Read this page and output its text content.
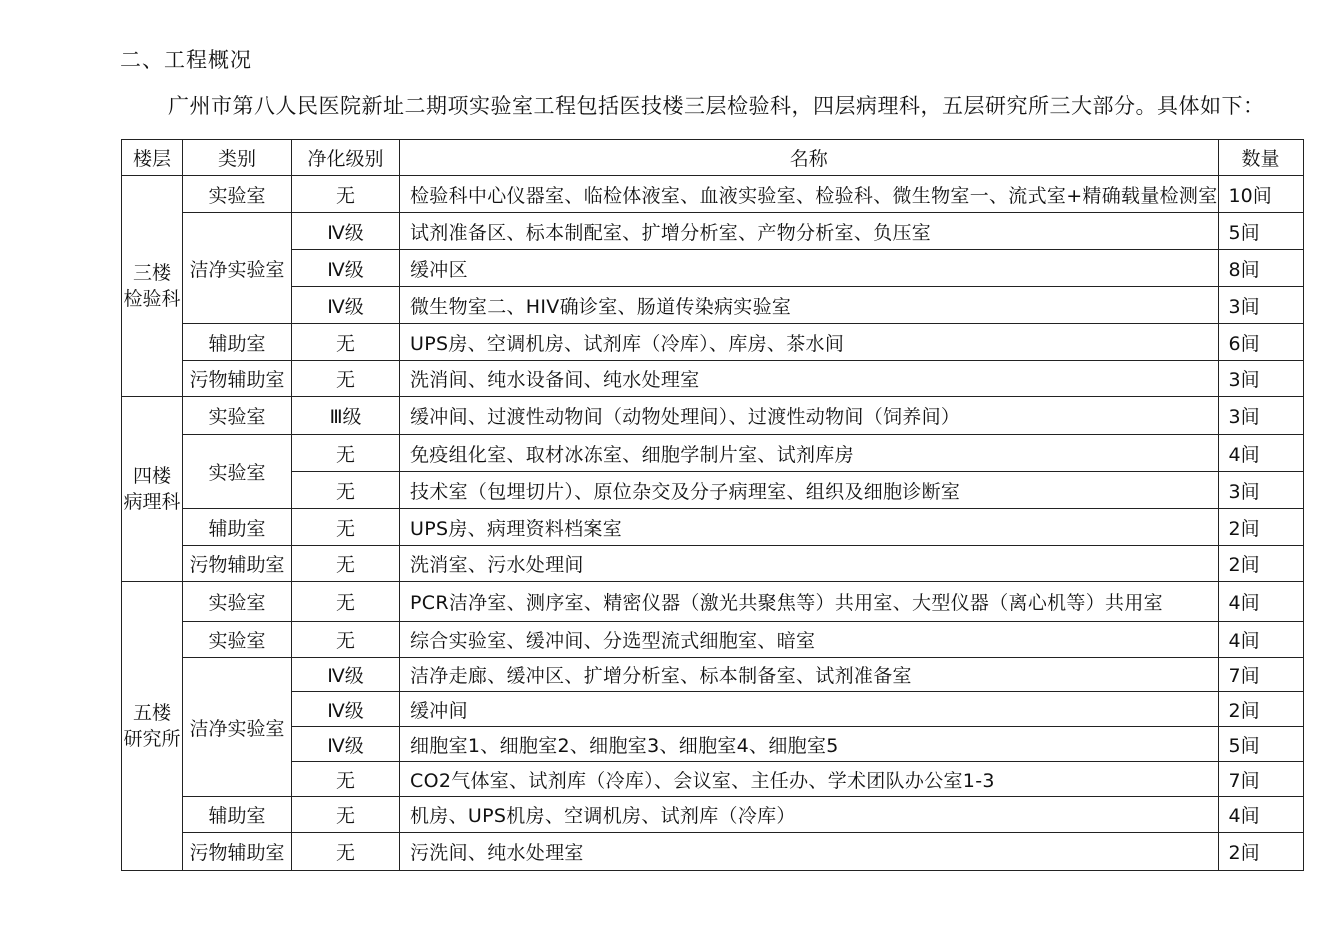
二、工程概况
广州市第八人民医院新址二期项实验室工程包括医技楼三层检验科，四层病理科，五层研究所三大部分。具体如下：
楼层	类别	净化级别	名称	数量

三楼
检验科	实验室	无	检验科中心仪器室、临检体液室、血液实验室、检验科、微生物室一、流式室+精确载量检测室	10间
	洁净实验室	Ⅳ级	试剂准备区、标本制配室、扩增分析室、产物分析室、负压室	5间
		Ⅳ级	缓冲区	8间
		Ⅳ级	微生物室二、HIV确诊室、肠道传染病实验室	3间
	辅助室	无	UPS房、空调机房、试剂库（冷库）、库房、茶水间	6间
	污物辅助室	无	洗消间、纯水设备间、纯水处理室	3间

四楼
病理科	实验室	Ⅲ级	缓冲间、过渡性动物间（动物处理间）、过渡性动物间（饲养间）	3间
	实验室	无	免疫组化室、取材冰冻室、细胞学制片室、试剂库房	4间
		无	技术室（包埋切片）、原位杂交及分子病理室、组织及细胞诊断室	3间
	辅助室	无	UPS房、病理资料档案室	2间
	污物辅助室	无	洗消室、污水处理间	2间

五楼
研究所	实验室	无	PCR洁净室、测序室、精密仪器（激光共聚焦等）共用室、大型仪器（离心机等）共用室	4间
	实验室	无	综合实验室、缓冲间、分选型流式细胞室、暗室	4间
	洁净实验室	Ⅳ级	洁净走廊、缓冲区、扩增分析室、标本制备室、试剂准备室	7间
		Ⅳ级	缓冲间	2间
		Ⅳ级	细胞室1、细胞室2、细胞室3、细胞室4、细胞室5	5间
		无	CO2气体室、试剂库（冷库）、会议室、主任办、学术团队办公室1-3	7间
	辅助室	无	机房、UPS机房、空调机房、试剂库（冷库）	4间
	污物辅助室	无	污洗间、纯水处理室	2间
